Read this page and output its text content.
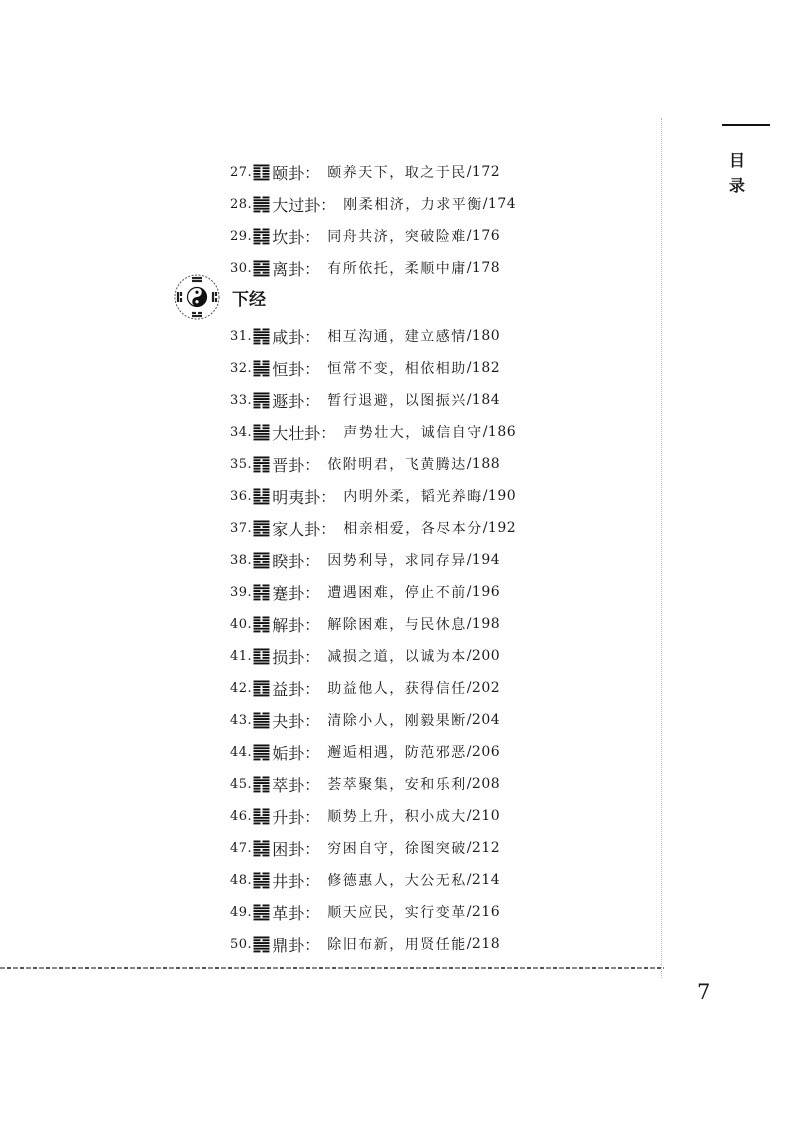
目录
27. 颐卦 ： 颐养天下，取之于民 /172
28. 大过卦 ： 刚柔相济，力求平衡 /174
29. 坎卦 ： 同舟共济，突破险难 /176
30. 离卦 ： 有所依托，柔顺中庸 /178
下经
31. 咸卦 ： 相互沟通，建立感情 /180
32. 恒卦 ： 恒常不变，相依相助 /182
33. 遯卦 ： 暂行退避，以图振兴 /184
34. 大壮卦 ： 声势壮大，诚信自守 /186
35. 晋卦 ： 依附明君，飞黄腾达 /188
36. 明夷卦 ： 内明外柔，韬光养晦 /190
37. 家人卦 ： 相亲相爱，各尽本分 /192
38. 睽卦 ： 因势利导，求同存异 /194
39. 蹇卦 ： 遭遇困难，停止不前 /196
40. 解卦 ： 解除困难，与民休息 /198
41. 损卦 ： 减损之道，以诚为本 /200
42. 益卦 ： 助益他人，获得信任 /202
43. 夬卦 ： 清除小人，刚毅果断 /204
44. 姤卦 ： 邂逅相遇，防范邪恶 /206
45. 萃卦 ： 荟萃聚集，安和乐利 /208
46. 升卦 ： 顺势上升，积小成大 /210
47. 困卦 ： 穷困自守，徐图突破 /212
48. 井卦 ： 修德惠人，大公无私 /214
49. 革卦 ： 顺天应民，实行变革 /216
50. 鼎卦 ： 除旧布新，用贤任能 /218
7
